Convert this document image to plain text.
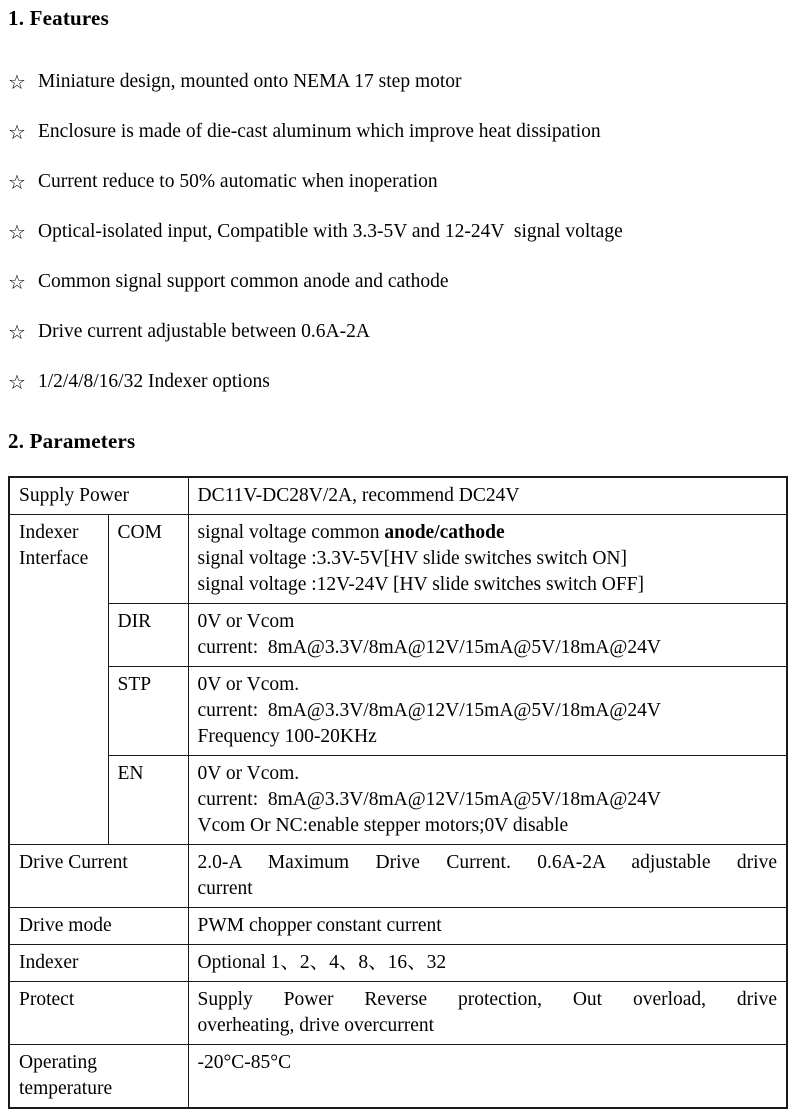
1. Features
☆ Miniature design, mounted onto NEMA 17 step motor
☆ Enclosure is made of die-cast aluminum which improve heat dissipation
☆ Current reduce to 50% automatic when inoperation
☆ Optical-isolated input, Compatible with 3.3-5V and 12-24V  signal voltage
☆ Common signal support common anode and cathode
☆ Drive current adjustable between 0.6A-2A
☆ 1/2/4/8/16/32 Indexer options
2. Parameters
Supply Power		DC11V-DC28V/2A, recommend DC24V
Indexer Interface	COM	signal voltage common anode/cathode
signal voltage :3.3V-5V[HV slide switches switch ON]
signal voltage :12V-24V [HV slide switches switch OFF]

	DIR	0V or Vcom
current:  8mA@3.3V/8mA@12V/15mA@5V/18mA@24V

	STP	0V or Vcom.
current:  8mA@3.3V/8mA@12V/15mA@5V/18mA@24V
Frequency 100-20KHz

	EN	0V or Vcom.
current:  8mA@3.3V/8mA@12V/15mA@5V/18mA@24V
Vcom Or NC:enable stepper motors;0V disable

Drive Current		2.0-A Maximum Drive Current. 0.6A-2A adjustable drive
current

Drive mode		PWM chopper constant current
Indexer		Optional 1、2、4、8、16、32
Protect		Supply Power Reverse protection, Out overload, drive
overheating, drive overcurrent

Operating temperature		-20°C-85°C
